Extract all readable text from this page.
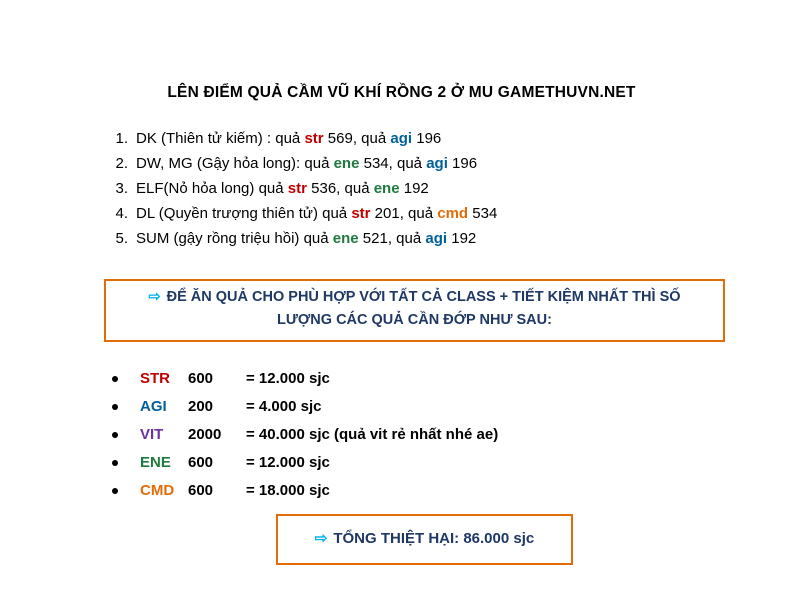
LÊN ĐIỂM QUẢ CẦM VŨ KHÍ RỒNG 2 Ở MU GAMETHUVN.NET
1. DK (Thiên tử kiếm) : quả str 569, quả agi 196
2. DW, MG (Gậy hỏa long): quả ene 534, quả agi 196
3. ELF(Nỏ hỏa long) quả str 536, quả ene 192
4. DL (Quyền trượng thiên tử) quả str 201, quả cmd 534
5. SUM (gậy rồng triệu hồi) quả ene 521, quả agi 192
⇨ ĐỂ ĂN QUẢ CHO PHÙ HỢP VỚI TẤT CẢ CLASS + TIẾT KIỆM NHẤT THÌ SỐ
LƯỢNG CÁC QUẢ CẦN ĐỚP NHƯ SAU:
STR 600 = 12.000 sjc
AGI 200 = 4.000 sjc
VIT 2000 = 40.000 sjc (quả vit rẻ nhất nhé ae)
ENE 600 = 12.000 sjc
CMD 600 = 18.000 sjc
⇨ TỔNG THIỆT HẠI: 86.000 sjc
